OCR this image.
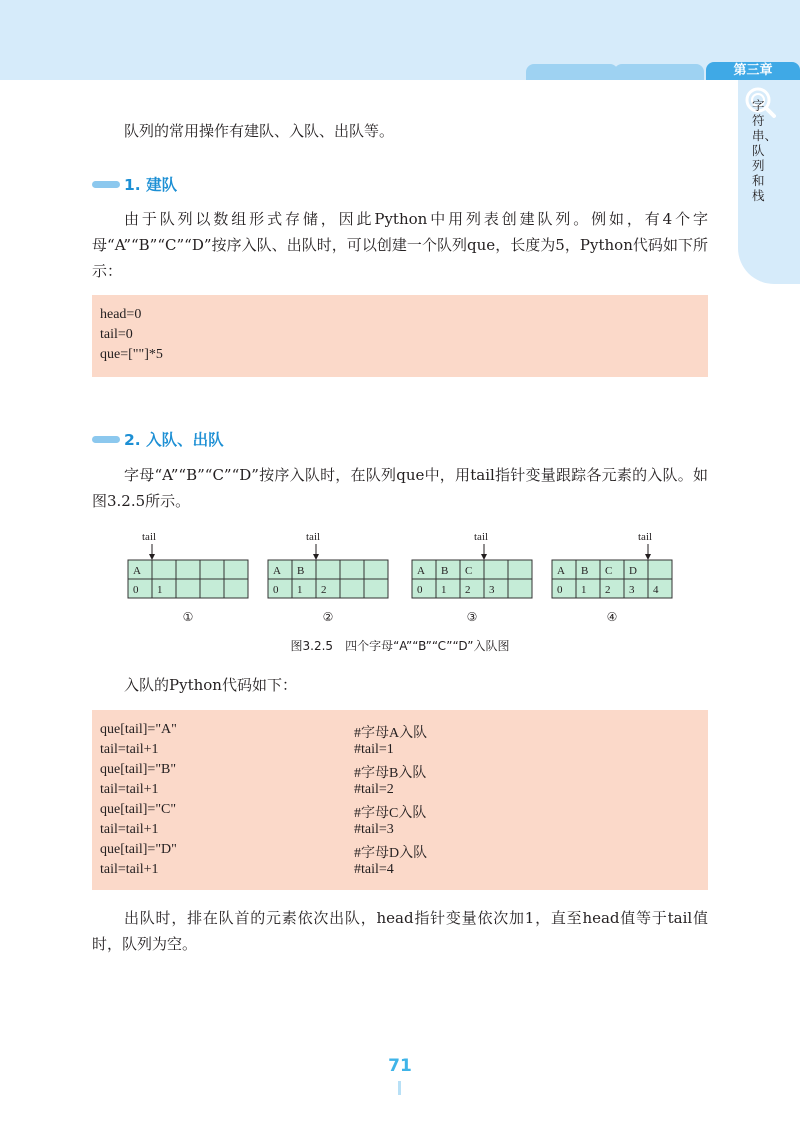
第三章
字符串、队列和栈

队列的常用操作有建队、入队、出队等。

1. 建队

由于队列以数组形式存储，因此Python中用列表创建队列。例如，有4个字母“A”“B”“C”“D”按序入队、出队时，可以创建一个队列que，长度为5，Python代码如下所示：

head=0
tail=0
que=[""]*5
2. 入队、出队

字母“A”“B”“C”“D”按序入队时，在队列que中，用tail指针变量跟踪各元素的入队。如图3.2.5所示。

A
0 1
tail
①
A B
0 1 2
tail
②
A B C
0 1 2 3
tail
③
A B C D
0 1 2 3 4
tail
④
图3.2.5　四个字母“A”“B”“C”“D”入队图

入队的Python代码如下：

que[tail]="A"	#字母A入队
tail=tail+1	#tail=1
que[tail]="B"	#字母B入队
tail=tail+1	#tail=2
que[tail]="C"	#字母C入队
tail=tail+1	#tail=3
que[tail]="D"	#字母D入队
tail=tail+1	#tail=4

出队时，排在队首的元素依次出队，head指针变量依次加1，直至head值等于tail值时，队列为空。

71
